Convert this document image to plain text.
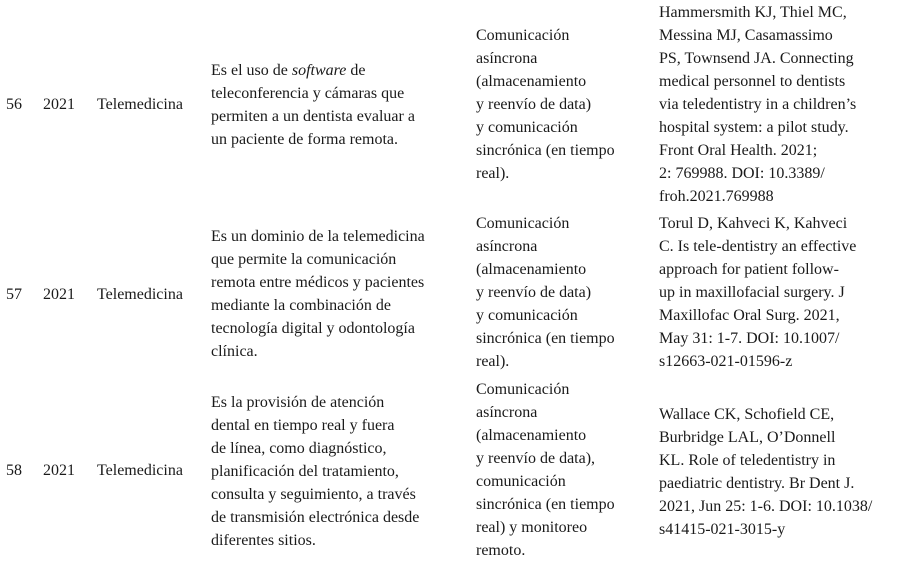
56 2021 Telemedicina
Es el uso de software de
teleconferencia y cámaras que
permiten a un dentista evaluar a
un paciente de forma remota.
Comunicación
asíncrona
(almacenamiento
y reenvío de data)
y comunicación
sincrónica (en tiempo
real).
Hammersmith KJ, Thiel MC,
Messina MJ, Casamassimo
PS, Townsend JA. Connecting
medical personnel to dentists
via teledentistry in a children’s
hospital system: a pilot study.
Front Oral Health. 2021;
2: 769988. DOI: 10.3389/
froh.2021.769988
57 2021 Telemedicina
Es un dominio de la telemedicina
que permite la comunicación
remota entre médicos y pacientes
mediante la combinación de
tecnología digital y odontología
clínica.
Comunicación
asíncrona
(almacenamiento
y reenvío de data)
y comunicación
sincrónica (en tiempo
real).
Torul D, Kahveci K, Kahveci
C. Is tele-dentistry an effective
approach for patient follow-
up in maxillofacial surgery. J
Maxillofac Oral Surg. 2021,
May 31: 1-7. DOI: 10.1007/
s12663-021-01596-z
58 2021 Telemedicina
Es la provisión de atención
dental en tiempo real y fuera
de línea, como diagnóstico,
planificación del tratamiento,
consulta y seguimiento, a través
de transmisión electrónica desde
diferentes sitios.
Comunicación
asíncrona
(almacenamiento
y reenvío de data),
comunicación
sincrónica (en tiempo
real) y monitoreo
remoto.
Wallace CK, Schofield CE,
Burbridge LAL, O’Donnell
KL. Role of teledentistry in
paediatric dentistry. Br Dent J.
2021, Jun 25: 1-6. DOI: 10.1038/
s41415-021-3015-y
